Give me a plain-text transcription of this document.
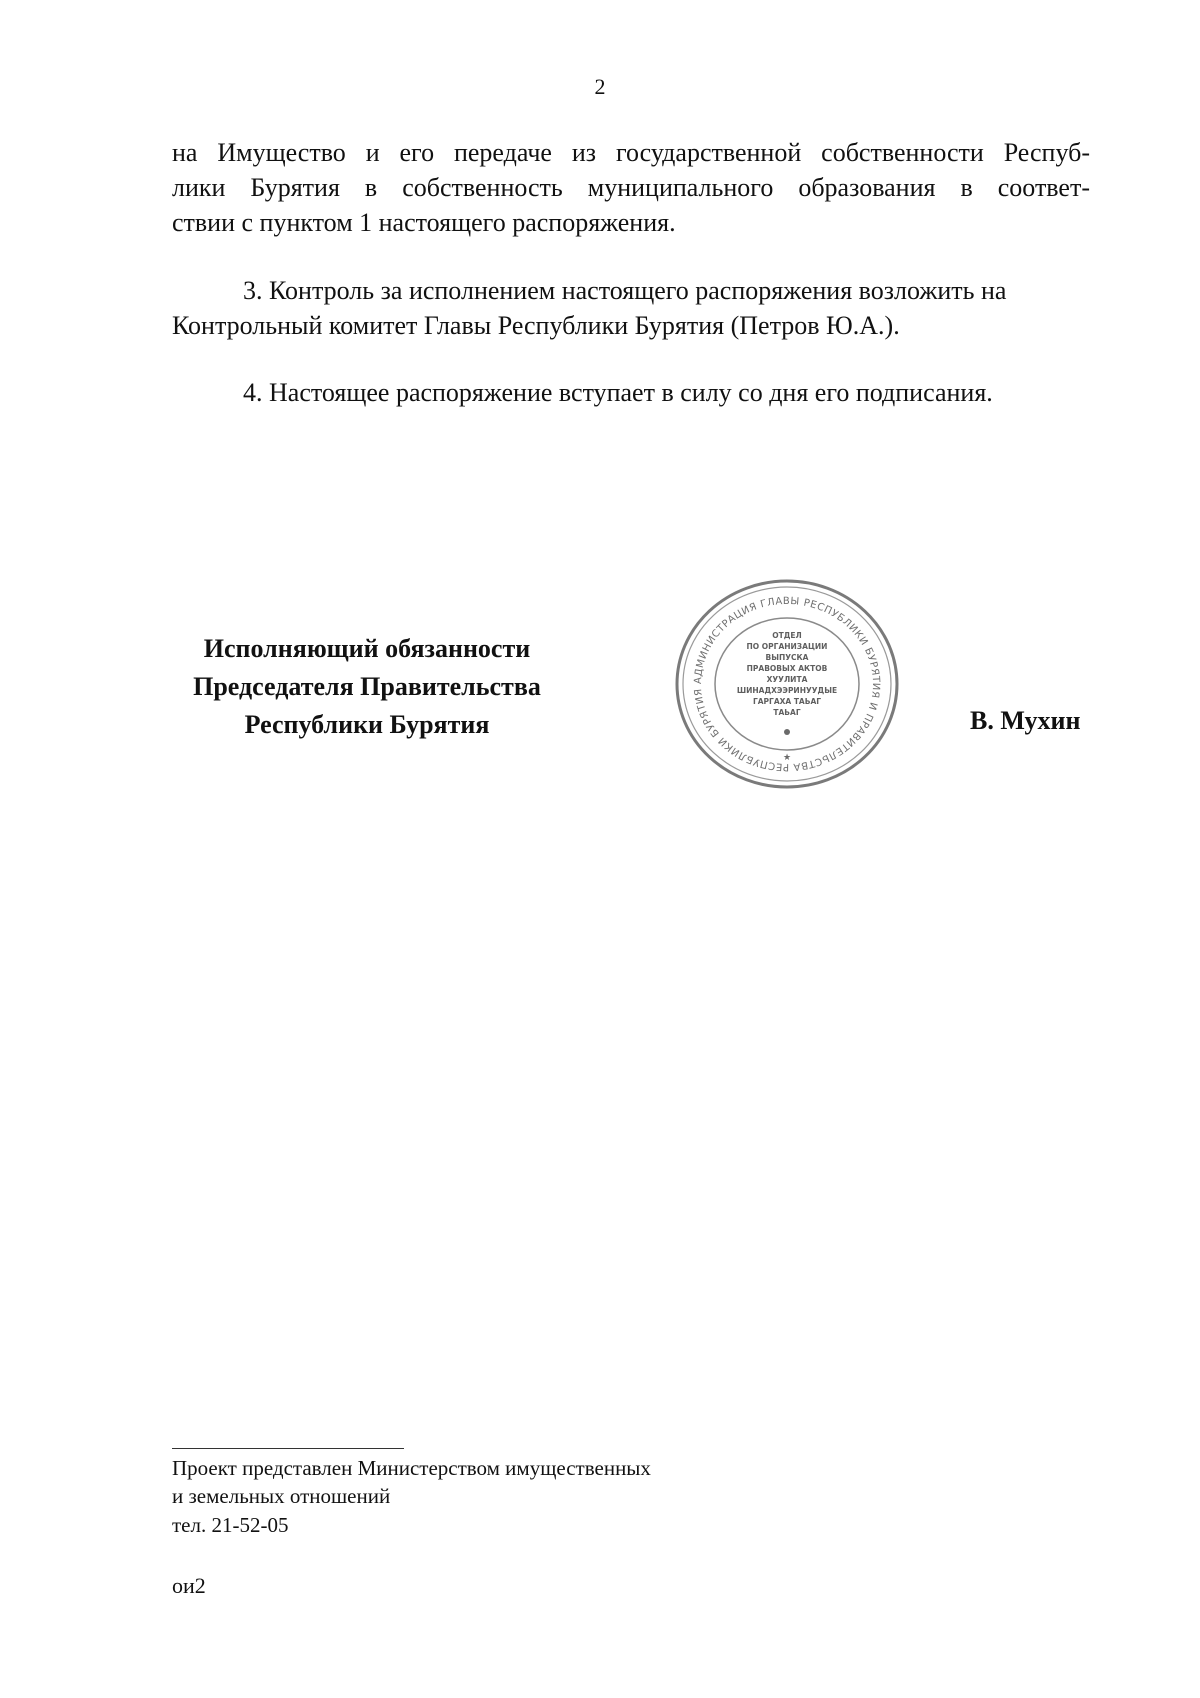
2
на Имущество и его передаче из государственной собственности Респуб-
лики Бурятия в собственность муниципального образования в соответ-
ствии с пунктом 1 настоящего распоряжения.
3. Контроль за исполнением настоящего распоряжения возложить на
Контрольный комитет Главы Республики Бурятия (Петров Ю.А.).
4. Настоящее распоряжение вступает в силу со дня его подписания.
Исполняющий обязанности
Председателя Правительства
Республики Бурятия
АДМИНИСТРАЦИЯ ГЛАВЫ РЕСПУБЛИКИ БУРЯТИЯ И ПРАВИТЕЛЬСТВА РЕСПУБЛИКИ БУРЯТИЯ
ОТДЕЛ
ПО ОРГАНИЗАЦИИ
ВЫПУСКА
ПРАВОВЫХ АКТОВ
ХУУЛИТА
ШИНАДХЭЭРИНУУДЫЕ
ГАРГАХА ТАЬАГ
ТАЬАГ
★
В. Мухин
Проект представлен Министерством имущественных
и земельных отношений
тел. 21-52-05
ои2
